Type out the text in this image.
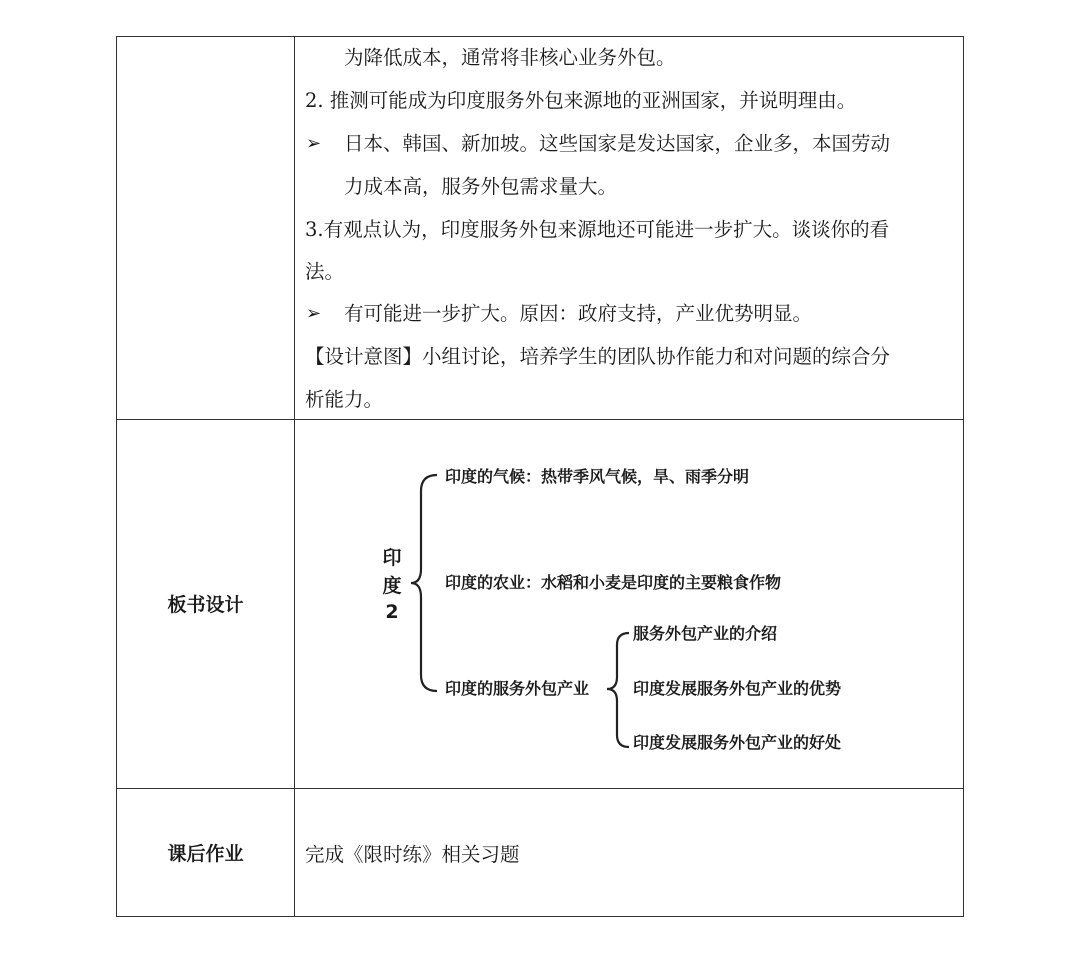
为降低成本，通常将非核心业务外包。
2. 推测可能成为印度服务外包来源地的亚洲国家，并说明理由。
➢ 日本、韩国、新加坡。这些国家是发达国家，企业多，本国劳动
力成本高，服务外包需求量大。
3.有观点认为，印度服务外包来源地还可能进一步扩大。谈谈你的看
法。
➢ 有可能进一步扩大。原因：政府支持，产业优势明显。
【设计意图】小组讨论，培养学生的团队协作能力和对问题的综合分
析能力。
板书设计
印
度
2
印度的气候：热带季风气候，旱、雨季分明
印度的农业：水稻和小麦是印度的主要粮食作物
印度的服务外包产业
服务外包产业的介绍
印度发展服务外包产业的优势
印度发展服务外包产业的好处
课后作业	完成《限时练》相关习题
